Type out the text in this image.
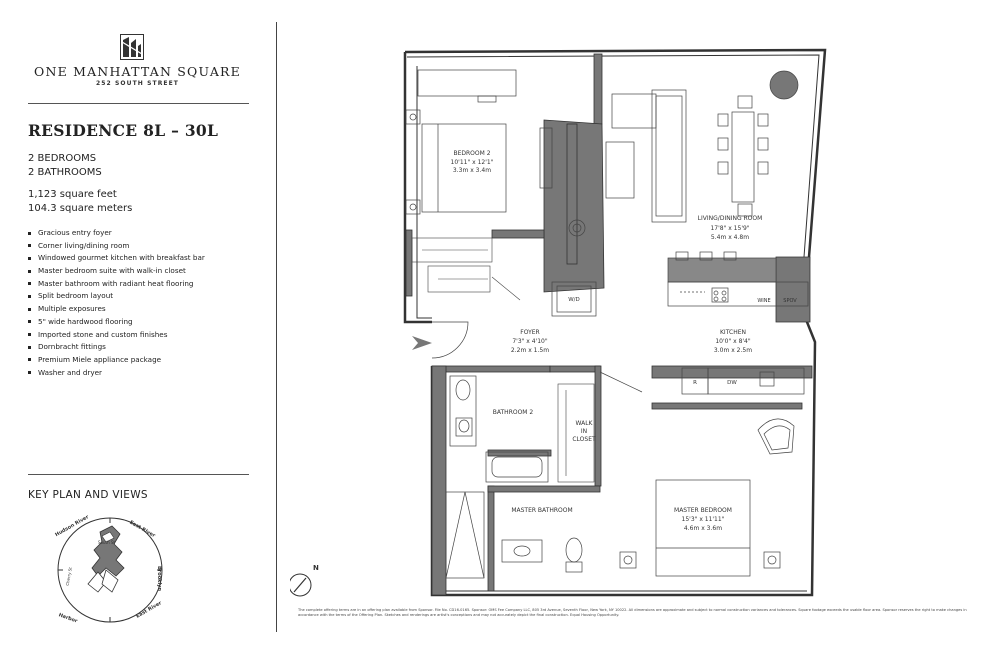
ONE MANHATTAN SQUARE
252 SOUTH STREET
RESIDENCE 8L – 30L
2 BEDROOMS
2 BATHROOMS
1,123 square feet
104.3 square meters
Gracious entry foyer
Corner living/dining room
Windowed gourmet kitchen with breakfast bar
Master bedroom suite with walk-in closet
Master bathroom with radiant heat flooring
Split bedroom layout
Multiple exposures
5" wide hardwood flooring
Imported stone and custom finishes
Dornbracht fittings
Premium Miele appliance package
Washer and dryer
KEY PLAN AND VIEWS
Hudson River	East River
Brooklyn
Harbor	East River
South St
Cherry St
BEDROOM 2
10'11" x 12'1"
3.3m x 3.4m
LIVING/DINING ROOM
17'8" x 15'9"
5.4m x 4.8m
WINE	SPOV
KITCHEN
10'0" x 8'4"
3.0m x 2.5m
W/D
FOYER
7'3" x 4'10"
2.2m x 1.5m
R	DW
BATHROOM 2
WALK
IN
CLOSET
MASTER BATHROOM	MASTER BEDROOM
15'3" x 11'11"
4.6m x 3.6m
N
The complete offering terms are in an offering plan available from Sponsor. File No. CD16-0165. Sponsor: OMS Fee Company LLC, 805 3rd Avenue, Seventh Floor, New York, NY 10022. All dimensions are approximate and subject to normal construction variances and tolerances. Square footage exceeds the usable floor area. Sponsor reserves the right to make changes in accordance with the terms of the Offering Plan. Sketches and renderings are artist's conceptions and may not accurately depict the final construction. Equal Housing Opportunity.
